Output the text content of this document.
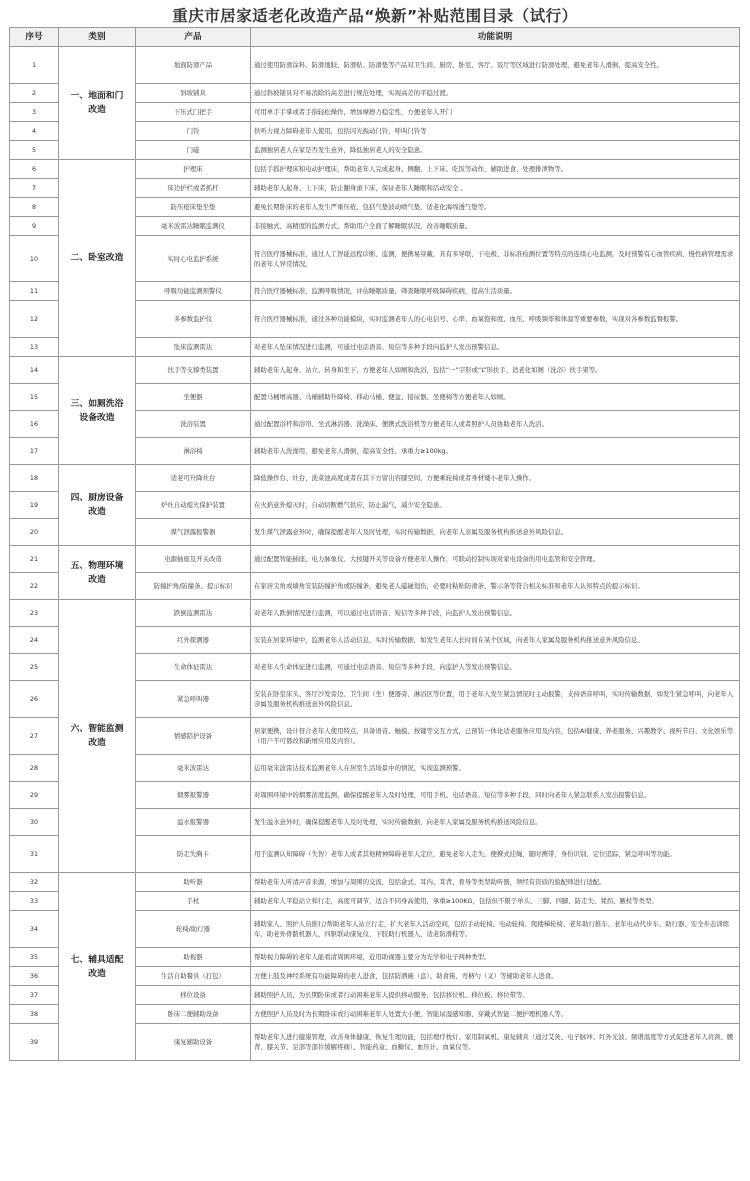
重庆市居家适老化改造产品“焕新”补贴范围目录（试行）
序号	类别	产品	功能说明
1	一、地面和门改造	地面防滑产品	通过使用防滑涂料、防滑地胶、防滑贴、防滑垫等产品对卫生间、厨房、卧室、客厅、饭厅等区域进行防滑处理，避免老年人滑倒，提高安全性。
2		斜坡铺具	通过斜坡铺具对不易消除的高差进行规范处理，实现高差的平稳过渡。
3		下压式门把手	可用单手手掌或者手指轻松操作，增加摩擦力稳定性，方便老年人开门
4		门铃	供听力视力障碍老年人使用，包括闪光振动门铃、呼叫门铃等
5		门磁	监测独居老人在家是否发生意外，降低独居老人的安全隐患。
6	二、卧室改造	护理床	包括手摇护理床和电动护理床，帮助老年人完成起身、侧翻、上下床、吃饭等动作，辅助进食、处理排泄物等。
7		床边护栏或者抓杆	辅助老年人起身、上下床，防止翻身滚下床，保证老年人睡眠和活动安全 。
8		防压疮床垫坐垫	避免长期卧床的老年人发生严重压疮，包括气垫波动喷气垫、适老化海绵透气垫等。
9		毫米波雷达睡眠监测仪	非接触式、高精度的监测方式，帮助用户全面了解睡眠状况，改善睡眠质量。
10		实时心电监护系统	符合医疗器械标准，通过人工智能远程诊断、监测，便携易穿戴，具有多导联、干电极、非标准检测位置等特点的连续心电监测，及时预警有心血管疾病、慢性病管理需求的老年人异常情况。
11		呼吸功能监测预警仪	符合医疗器械标准，监测呼吸情况，评估睡眠质量，筛查睡眠呼吸障碍疾病，提高生活质量。
12		多参数监护仪	符合医疗器械标准，通过各种功能模块，实时监测老年人的心电信号、心率、血氧饱和度、血压、呼吸频率和体温等重要参数，实现对各参数监督报警。
13		坠床监测雷达	对老年人坠床情况进行监测，可通过电话语音、短信等多种手段向监护人发出预警信息。
14	三、如厕洗浴设备改造	扶手等支撑类装置	辅助老年人起身、站立、转身和坐下，方便老年人如厕和洗浴，包括“一”字形或“L”形扶手、适老化如厕（洗浴）扶手架等。
15		坐便器	配置马桶增高器、马桶辅助升降椅、移动马桶、便盆、接尿器、坐便椅等方便老年人如厕。
16		洗浴装置	通过配置浴杆和浴帘、坐式淋浴器、洗澡床、便携式洗浴机等方便老年人或者照护人员协助老年人洗浴。
17		淋浴椅	辅助老年人洗澡用，避免老年人滑倒，提高安全性，承重力≥100kg。
18	四、厨房设备改造	适老可升降灶台	降低操作台、灶台、洗菜池高度或者在其下方留出容膝空间，方便乘轮椅或者身材矮小老年人操作。
19		炉灶自动熄火保护装置	在火焰意外熄灭时，自动切断燃气供应，防止漏气，减少安全隐患。
20		煤气泄露报警器	发生煤气泄露意外时，确保提醒老年人及时处理，实时传输数据，向老年人亲属及服务机构推送意外风险信息。
21	五、物理环境改造	电源插座及开关改造	通过配置智能插座、电力脉象仪、大按键开关等设备方便老年人操作，可联动控制实现对家电设备的用电监管和安全管理。
22		防撞护角/防撞条、提示标识	在家居尖角或墙角安装防撞护角或防撞条，避免老人磕碰划伤，必要时粘贴防滑条、警示条等符合相关标准和老年人认知特点的提示标识。
23	六、智能监测改造	跌倒监测雷达	对老年人跌倒情况进行监测，可以通过电话语音、短信等多种手段，向监护人发出预警信息。
24		红外探测器	安装在居家环境中，监测老年人活动信息，实时传输数据，如发生老年人长时间在某个区域，向老年人家属及服务机构推送意外风险信息。
25		生命体征雷达	对老年人生命体征进行监测，可通过电话语音、短信等多种手段，向监护人等发出预警信息。
26		紧急呼叫器	安装在卧室床头、客厅沙发旁边、卫生间（坐）便器旁、淋浴区等位置，用于老年人发生紧急情况时主动报警，支持语音呼叫，实时传输数据，如发生紧急呼叫，向老年人亲属及服务机构推送意外风险信息。
27		情感陪护设备	居家便携，设计符合老年人使用特点，具备语音、触摸、按键等交互方式，已预装一体化适老服务应用及内容，包括AI健康、养老服务、兴趣教学、视听节目、文化娱乐等（用户不可篡改和新增应用及内容）。
28		毫米波雷达	运用毫米波雷达技术监测老年人在居室生活场景中的情况，实现监测预警。
29		烟雾报警器	对周围环境中的烟雾浓度监测，确保提醒老年人及时处理，可用手机、电话语音、短信等多种手段，同时向老年人紧急联系人发出报警信息。
30		溢水报警器	发生溢水意外时，确保提醒老年人及时处理，实时传输数据，向老年人家属及服务机构推送风险信息。
31		防走失胸卡	用于监测认知障碍（失智）老年人或者其他精神障碍老年人定位，避免老年人走失，便携式挂绳，随时携带，身份识别、定位追踪、紧急呼叫等功能。
32	七、辅具适配改造	助听器	帮助老年人听清声音来源，增加与周围的交流，包括盒式、耳内、耳背、骨导等类型助听器，须经有资质的验配师进行适配。
33		手杖	辅助老年人平稳站立和行走，高度可调节，适合不同身高使用，承重≥100KG，包括但不限于单头、三脚、四脚、防走失、凳拐、腋杖等类型。
34		轮椅/助行器	辅助家人、照护人员推行/帮助老年人站立行走，扩大老年人活动空间，包括手动轮椅、电动轮椅、爬楼梯轮椅、老年助行推车、老年电动代步车、助行器、安全步态训练车、助老外骨骼机器人、四驱联动康复仪、下肢助行机器人、适老防滑鞋等。
35		助视器	帮助视力障碍的老年人能看清周围环境，近用助视器主要分为光学和电子两种类型。
36		生活自助餐具（打包）	方便上肢及神经系统有功能障碍的老人进食，包括防洒碗（盘）、助食筷、弯柄勺（叉）等辅助老年人进食。
37		移位设备	辅助照护人员，为长期卧床或者行动困难老年人提供移动服务，包括移位机、移位板、移位带等。
38		卧床二便辅助设备	方便照护人员及时为长期卧床或行动困难老年人处置大小便，智能尿湿感知器、穿戴式智能二便护理机器人等。
39		康复辅助设备	帮助老年人进行健康管理，改善身体健康，恢复生理功能，包括理疗枕灯、家用制氧机、康复辅具（通过艾灸、电子脉冲、红外光波、频谱温度等方式促进老年人肩颈、腰背、膝关节、足部等部位缓解疼痛）、智能药盒、血糖仪、血压计、血氧仪等。
